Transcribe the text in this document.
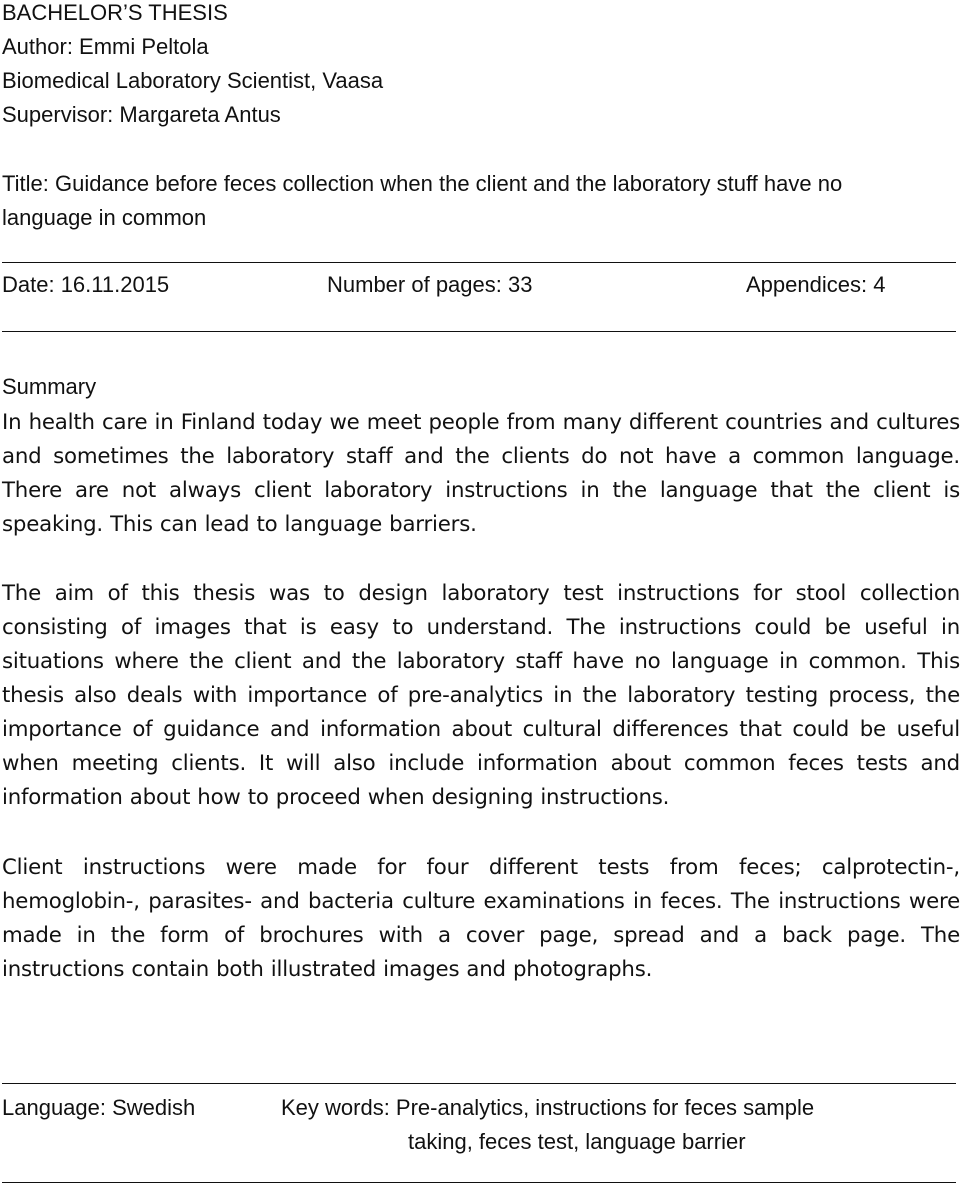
BACHELOR’S THESIS
Author: Emmi Peltola
Biomedical Laboratory Scientist, Vaasa
Supervisor: Margareta Antus
Title: Guidance before feces collection when the client and the laboratory stuff have no
language in common
Date: 16.11.2015	Number of pages: 33	Appendices: 4
Summary

In health care in Finland today we meet people from many different countries and cultures and sometimes the laboratory staff and the clients do not have a common language. There are not always client laboratory instructions in the language that the client is speaking. This can lead to language barriers.

The aim of this thesis was to design laboratory test instructions for stool collection consisting of images that is easy to understand. The instructions could be useful in situations where the client and the laboratory staff have no language in common. This thesis also deals with importance of pre-analytics in the laboratory testing process, the importance of guidance and information about cultural differences that could be useful when meeting clients. It will also include information about common feces tests and information about how to proceed when designing instructions.

Client instructions were made for four different tests from feces; calprotectin-, hemoglobin-, parasites- and bacteria culture examinations in feces. The instructions were made in the form of brochures with a cover page, spread and a back page. The instructions contain both illustrated images and photographs.

Language: Swedish	Key words: Pre-analytics, instructions for feces sample
taking, feces test, language barrier
